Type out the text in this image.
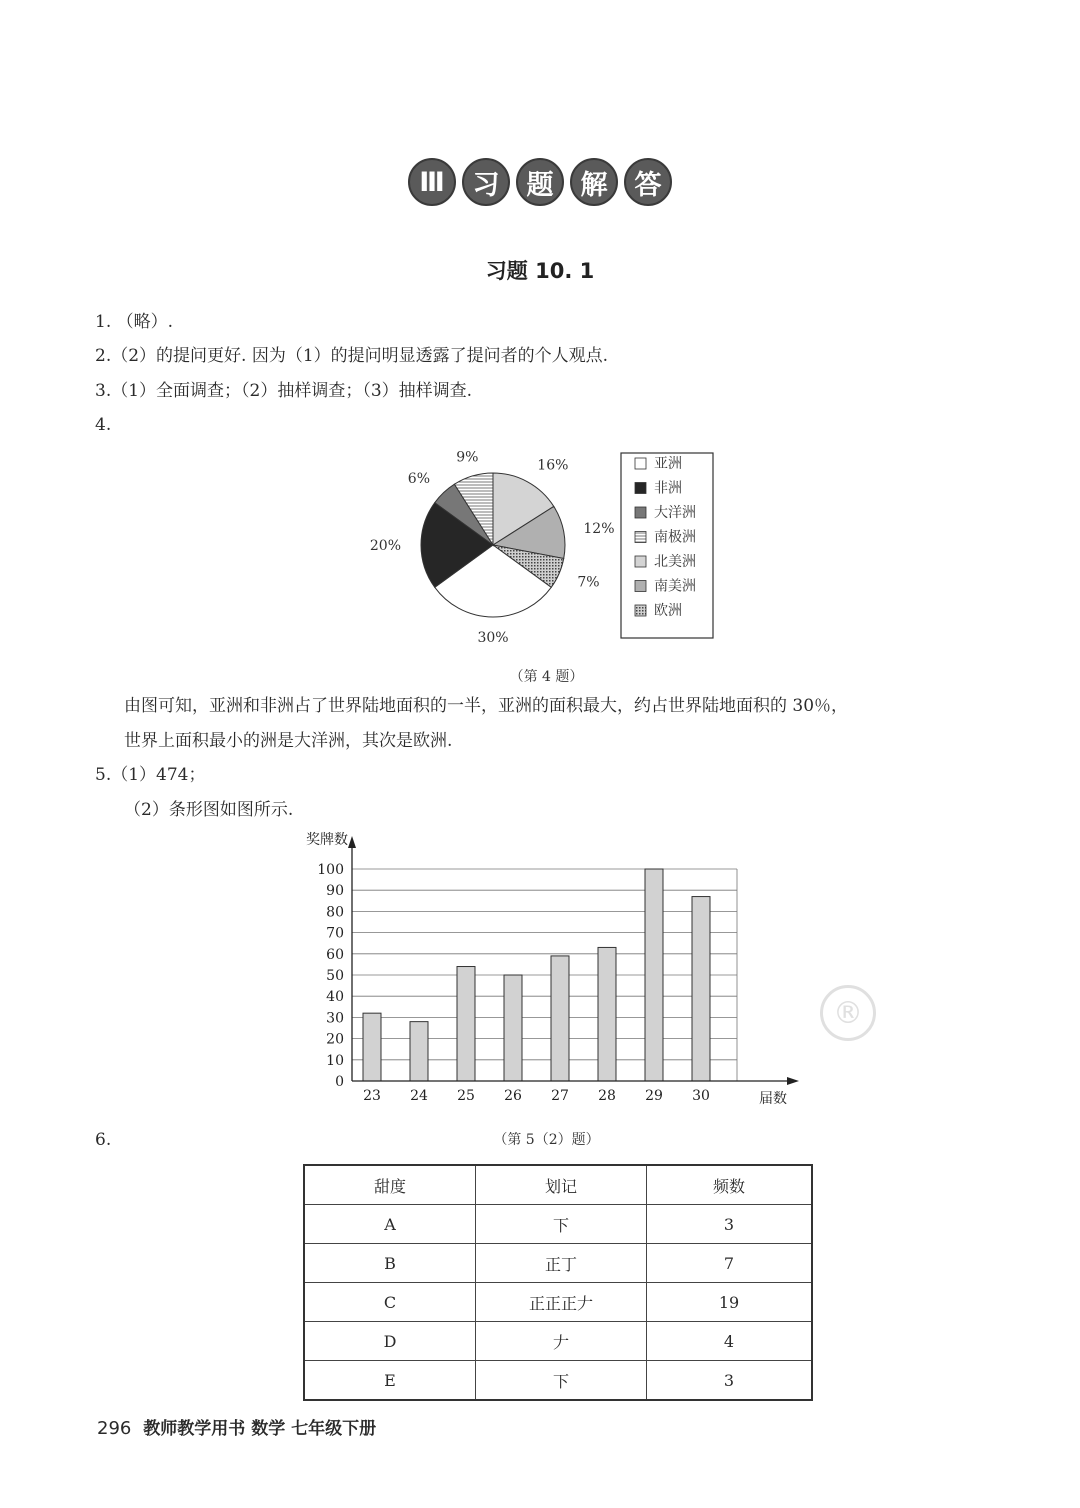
Ⅲ	习	题	解	答
习题 10. 1
1. （略）.
2.（2）的提问更好. 因为（1）的提问明显透露了提问者的个人观点.
3.（1）全面调查；（2）抽样调查；（3）抽样调查.
4.
16%
12%
7%
30%
20%
6%
9%	亚洲
非洲
大洋洲
南极洲
北美洲
南美洲
欧洲
（第 4 题）
由图可知，亚洲和非洲占了世界陆地面积的一半，亚洲的面积最大，约占世界陆地面积的 30％，
世界上面积最小的洲是大洋洲，其次是欧洲.
5.（1）474；
（2）条形图如图所示.
0
10
20
30
40
50
60
70
80
90
100
23 24 25 26 27 28 29 30
奖牌数
届数
®
6.	（第 5（2）题）
甜度	划记	频数
A	下	3
B	正丁	7
C	正正正𠂇	19
D	𠂇	4
E	下	3
296 教师教学用书 数学 七年级下册
